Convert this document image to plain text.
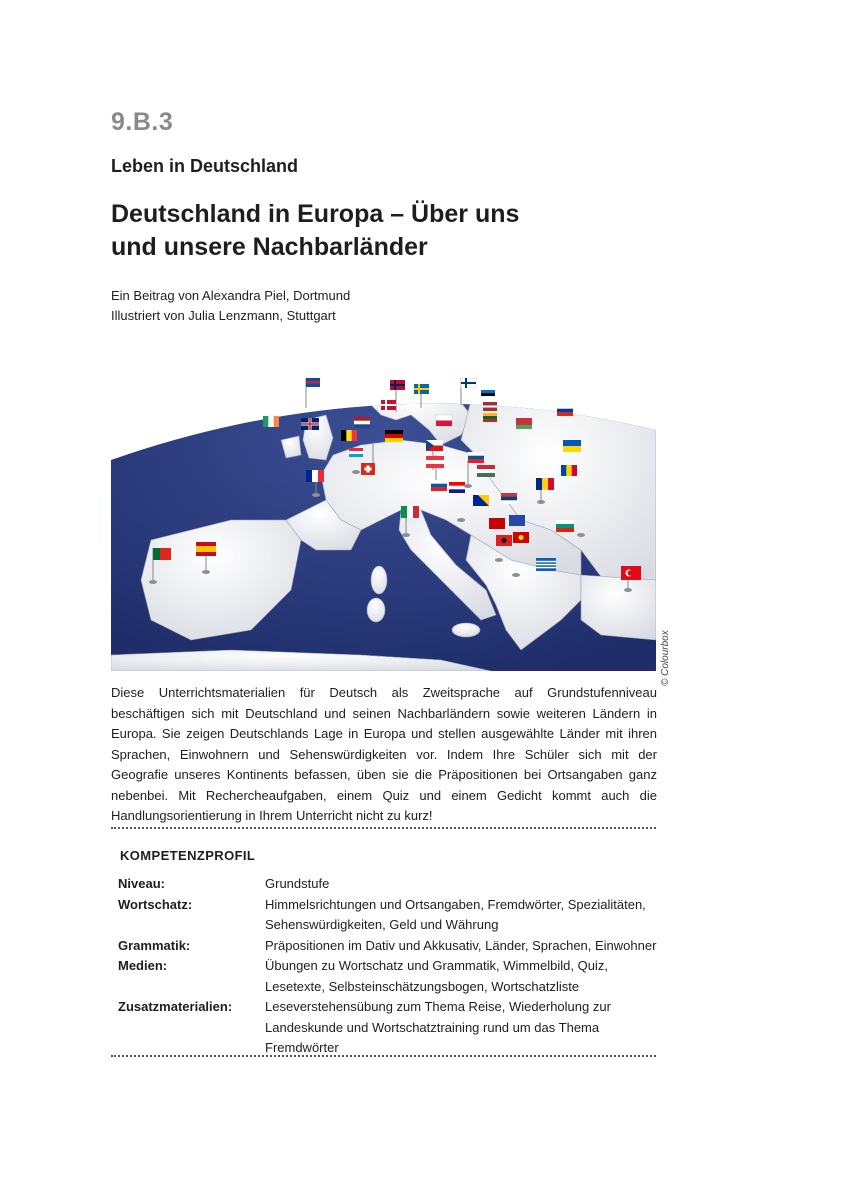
9.B.3
Leben in Deutschland
Deutschland in Europa – Über uns
und unsere Nachbarländer
Ein Beitrag von Alexandra Piel, Dortmund
Illustriert von Julia Lenzmann, Stuttgart
© Colourbox

Diese Unterrichtsmaterialien für Deutsch als Zweitsprache auf Grundstufenniveau beschäftigen sich mit Deutschland und seinen Nachbarländern sowie weiteren Ländern in Europa. Sie zeigen Deutschlands Lage in Europa und stellen ausgewählte Länder mit ihren Sprachen, Einwohnern und Sehenswürdigkeiten vor. Indem Ihre Schüler sich mit der Geografie unseres Kontinents befassen, üben sie die Präpositionen bei Ortsangaben ganz nebenbei. Mit Rechercheaufgaben, einem Quiz und einem Gedicht kommt auch die Handlungsorientierung in Ihrem Unterricht nicht zu kurz!

KOMPETENZPROFIL
Niveau:	Grundstufe
Wortschatz:	Himmelsrichtungen und Ortsangaben, Fremdwörter, Spezialitäten, Sehenswürdigkeiten, Geld und Währung
Grammatik:	Präpositionen im Dativ und Akkusativ, Länder, Sprachen, Einwohner
Medien:	Übungen zu Wortschatz und Grammatik, Wimmelbild, Quiz, Lesetexte, Selbsteinschätzungsbogen, Wortschatzliste
Zusatzmaterialien:	Leseverstehensübung zum Thema Reise, Wiederholung zur Landeskunde und Wortschatztraining rund um das Thema Fremdwörter
